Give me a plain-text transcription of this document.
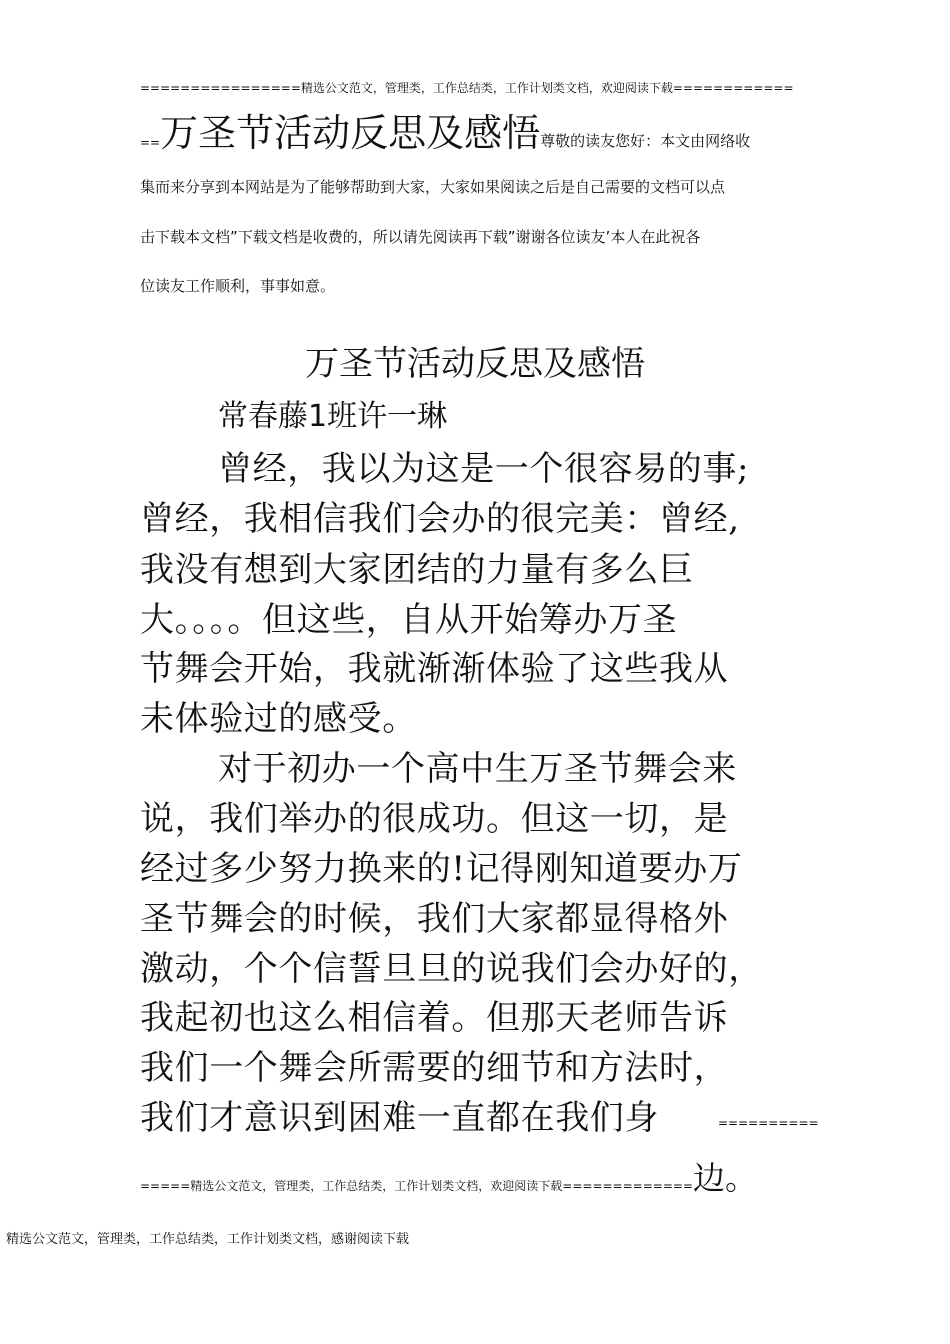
================精选公文范文，管理类，工作总结类，工作计划类文档，欢迎阅读下载============
==万圣节活动反思及感悟尊敬的读友您好：本文由网络收
集而来分享到本网站是为了能够帮助到大家，大家如果阅读之后是自己需要的文档可以点
击下载本文档”下载文档是收费的，所以请先阅读再下载”谢谢各位读友’本人在此祝各
位读友工作顺利，事事如意。
万圣节活动反思及感悟
常春藤1班许一琳
曾经，我以为这是一个很容易的事;
曾经，我相信我们会办的很完美：曾经,
我没有想到大家团结的力量有多么巨
大。。。。但这些，自从开始筹办万圣
节舞会开始，我就渐渐体验了这些我从
未体验过的感受。
对于初办一个高中生万圣节舞会来
说，我们举办的很成功。但这一切，是
经过多少努力换来的!记得刚知道要办万
圣节舞会的时候，我们大家都显得格外
激动，个个信誓旦旦的说我们会办好的，
我起初也这么相信着。但那天老师告诉
我们一个舞会所需要的细节和方法时，
我们才意识到困难一直都在我们身	==========
=====精选公文范文，管理类，工作总结类，工作计划类文档，欢迎阅读下载=============边。
精选公文范文，管理类，工作总结类，工作计划类文档，感谢阅读下载
